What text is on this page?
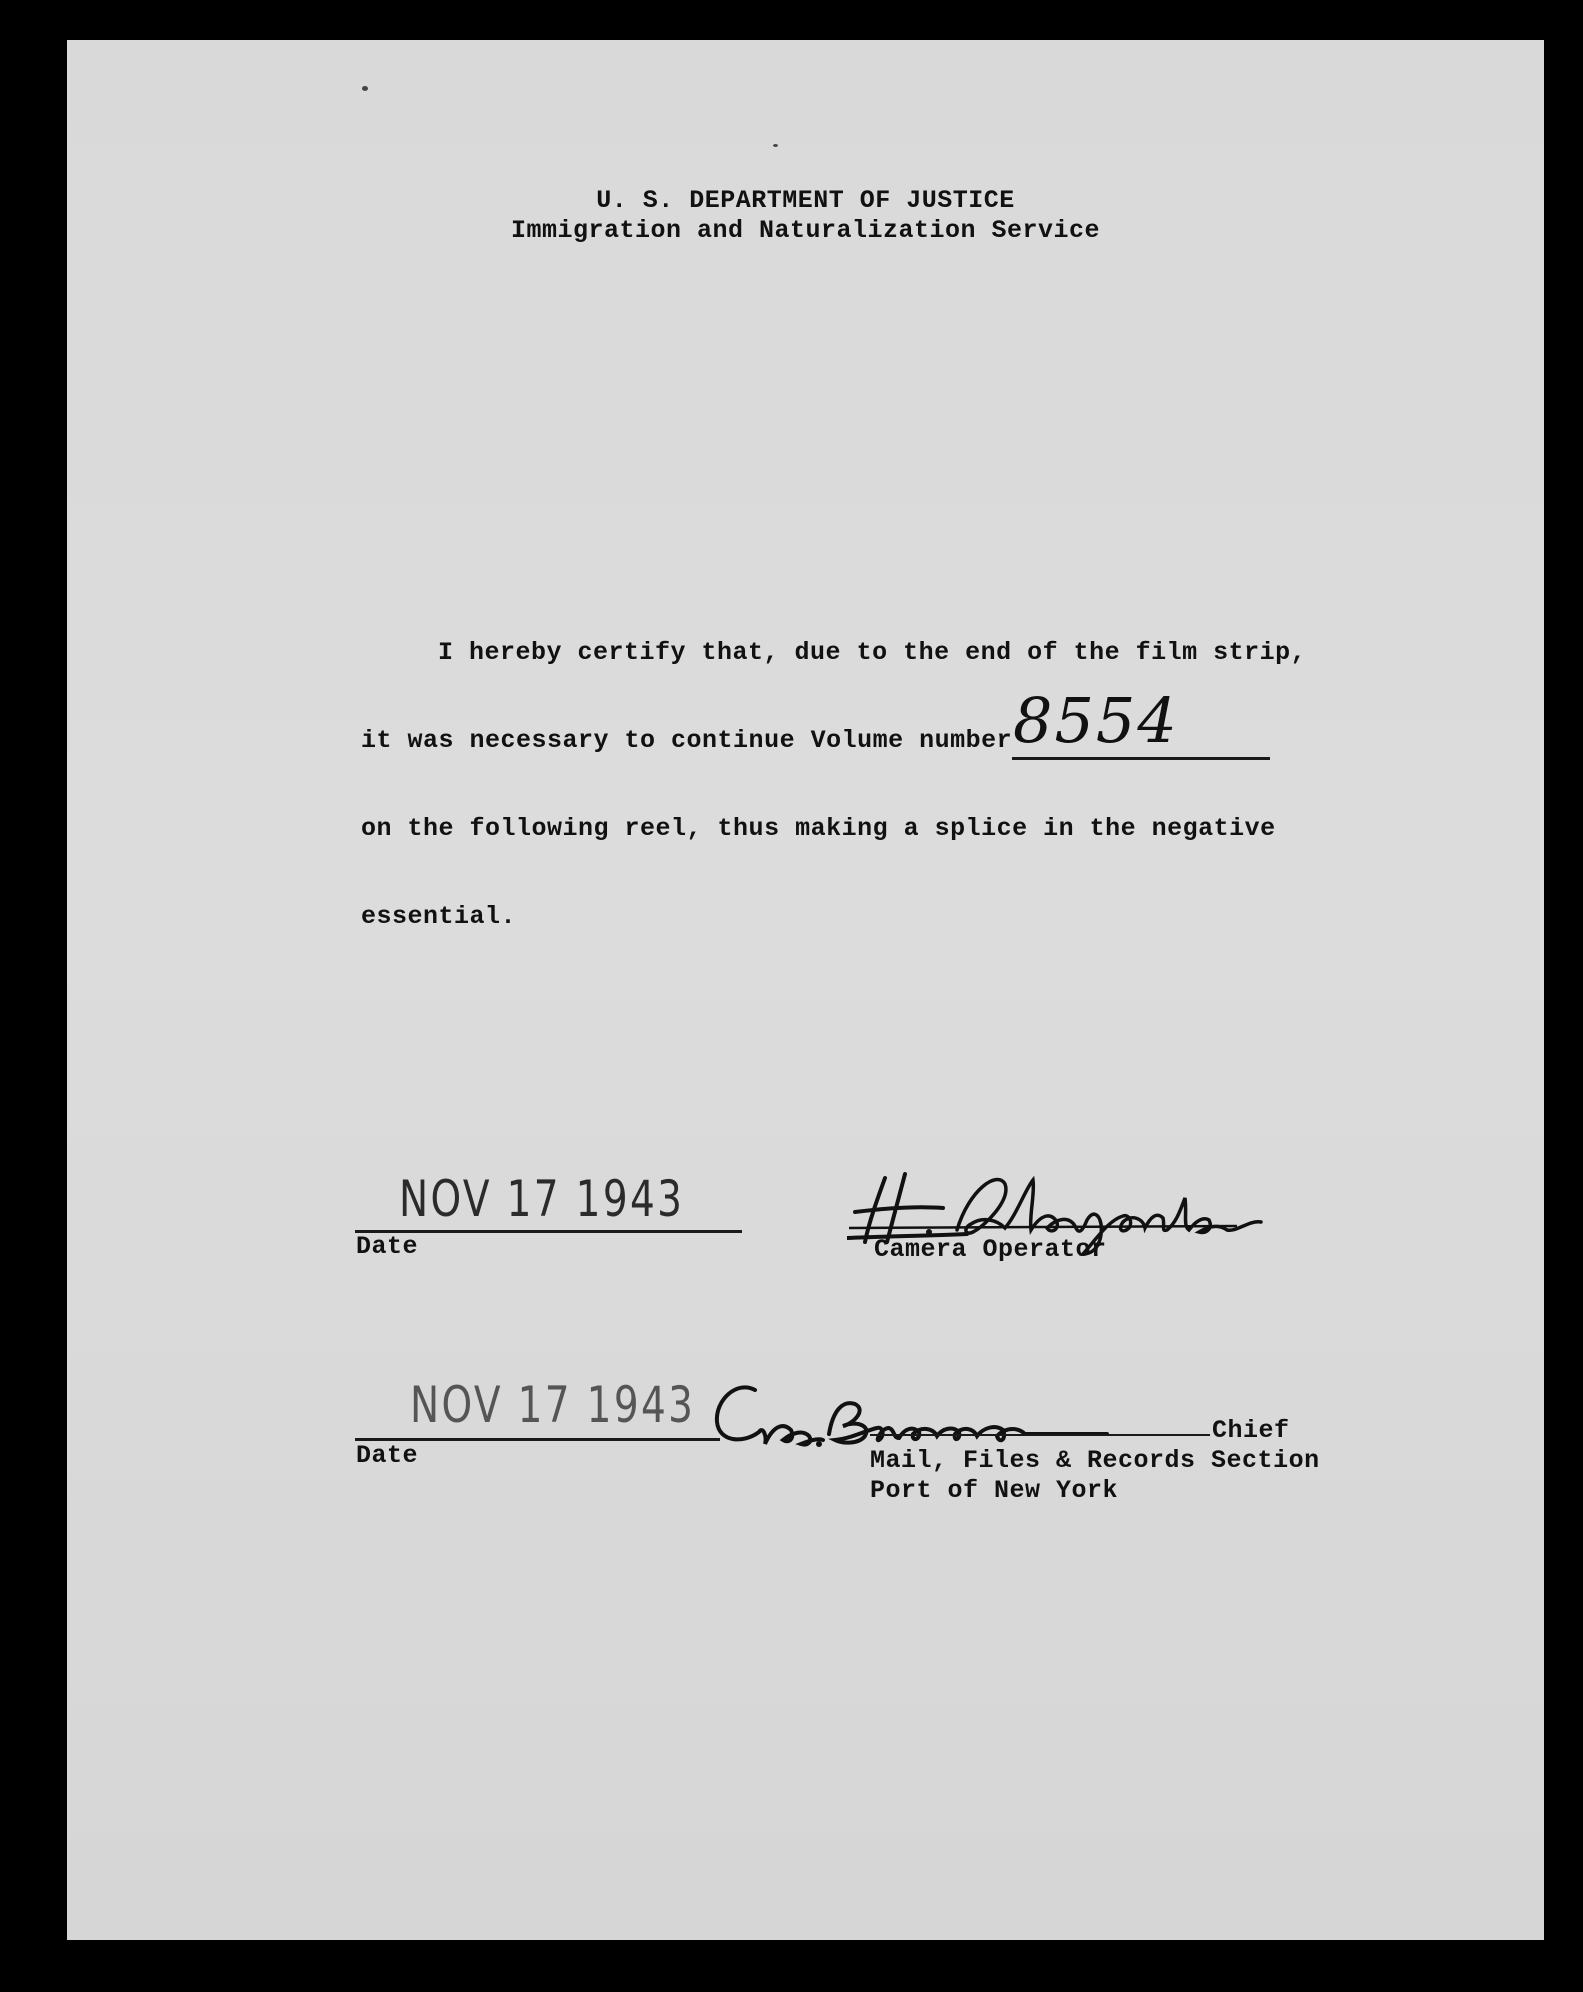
U. S. DEPARTMENT OF JUSTICE
Immigration and Naturalization Service
I hereby certify that, due to the end of the film strip,
it was necessary to continue Volume number 8554
on the following reel, thus making a splice in the negative
essential.
NOV 17 1943
Date	Camera Operator
NOV 17 1943
Date
Chief
Mail, Files & Records Section
Port of New York
